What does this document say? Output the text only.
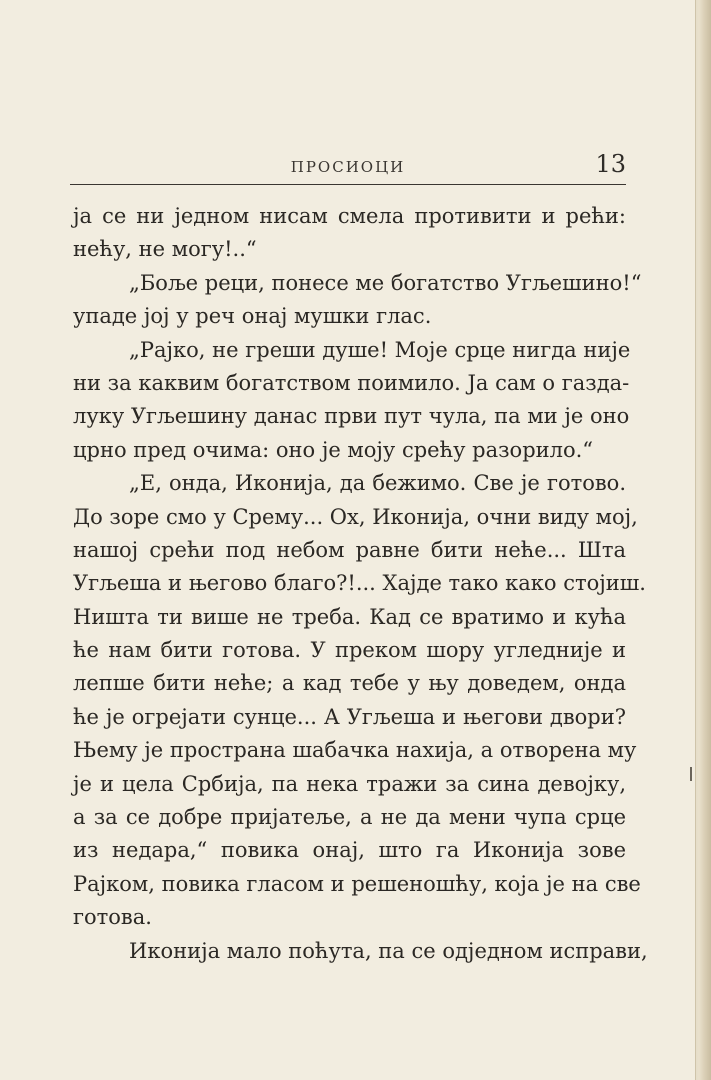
ПРОСИОЦИ	13
ја се ни једном нисам смела противити и рећи:
нећу, не могу!..“
„Боље реци, понесе ме богатство Угљешино!“
упаде јој у реч онај мушки глас.
„Рајко, не греши душе! Моје срце нигда није
ни за каквим богатством поимило. Ја сам о газда-
луку Угљешину данас први пут чула, па ми је оно
црно пред очима: оно је моју срећу разорило.“
„Е, онда, Иконија, да бежимо. Све је готово.
До зоре смо у Срему... Ох, Иконија, очни виду мој,
нашој срећи под небом равне бити неће... Шта
Угљеша и његово благо?!... Хајде тако како стојиш.
Ништа ти више не треба. Кад се вратимо и кућа
ће нам бити готова. У преком шору угледније и
лепше бити неће; а кад тебе у њу доведем, онда
ће је огрејати сунце... А Угљеша и његови двори?
Њему је пространа шабачка нахија, а отворена му
је и цела Србија, па нека тражи за сина девојку,
а за се добре пријатеље, а не да мени чупа срце
из недара,“ повика онај, што га Иконија зове
Рајком, повика гласом и решеношћу, која је на све
готова.
Иконија мало поћута, па се одједном исправи,
